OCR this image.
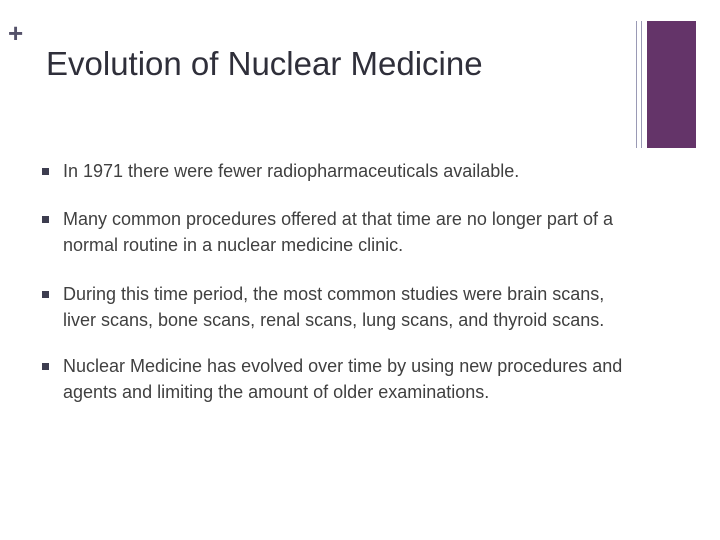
+
Evolution of Nuclear Medicine
In 1971 there were fewer radiopharmaceuticals available.
Many common procedures offered at that time are no longer part of a normal routine in a nuclear medicine clinic.
During this time period, the most common studies were brain scans, liver scans, bone scans, renal scans, lung scans, and thyroid scans.
Nuclear Medicine has evolved over time by using new procedures and agents and limiting the amount of older examinations.
